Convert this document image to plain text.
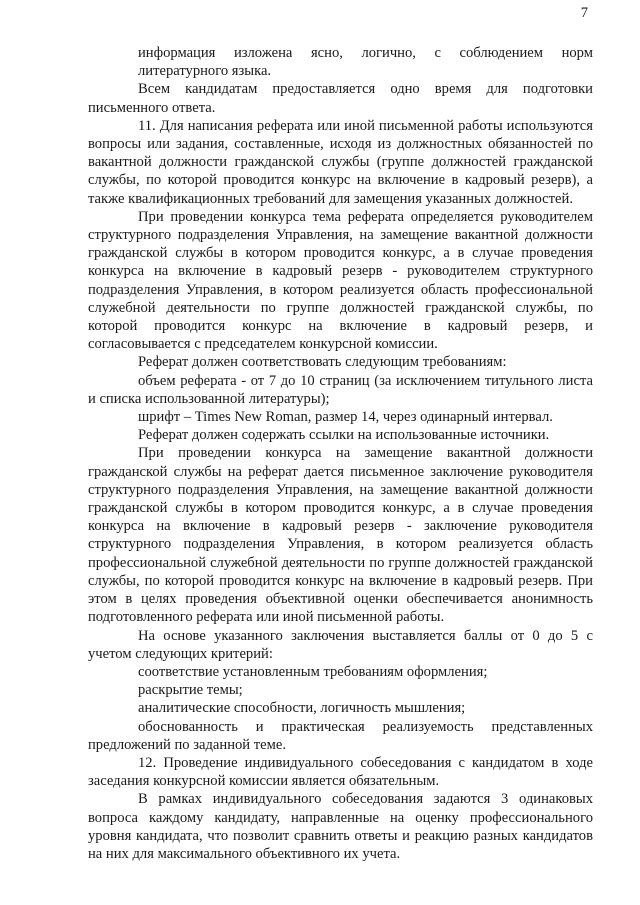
7

информация изложена ясно, логично, с соблюдением норм литературного языка.

Всем кандидатам предоставляется одно время для подготовки письменного ответа.

11. Для написания реферата или иной письменной работы используются вопросы или задания, составленные, исходя из должностных обязанностей по вакантной должности гражданской службы (группе должностей гражданской службы, по которой проводится конкурс на включение в кадровый резерв), а также квалификационных требований для замещения указанных должностей.

При проведении конкурса тема реферата определяется руководителем структурного подразделения Управления, на замещение вакантной должности гражданской службы в котором проводится конкурс, а в случае проведения конкурса на включение в кадровый резерв - руководителем структурного подразделения Управления, в котором реализуется область профессиональной служебной деятельности по группе должностей гражданской службы, по которой проводится конкурс на включение в кадровый резерв, и согласовывается с председателем конкурсной комиссии.

Реферат должен соответствовать следующим требованиям:

объем реферата - от 7 до 10 страниц (за исключением титульного листа и списка использованной литературы);

шрифт – Times New Roman, размер 14, через одинарный интервал.

Реферат должен содержать ссылки на использованные источники.

При проведении конкурса на замещение вакантной должности гражданской службы на реферат дается письменное заключение руководителя структурного подразделения Управления, на замещение вакантной должности гражданской службы в котором проводится конкурс, а в случае проведения конкурса на включение в кадровый резерв - заключение руководителя структурного подразделения Управления, в котором реализуется область профессиональной служебной деятельности по группе должностей гражданской службы, по которой проводится конкурс на включение в кадровый резерв. При этом в целях проведения объективной оценки обеспечивается анонимность подготовленного реферата или иной письменной работы.

На основе указанного заключения выставляется баллы от 0 до 5 с учетом следующих критерий:

соответствие установленным требованиям оформления;

раскрытие темы;

аналитические способности, логичность мышления;

обоснованность и практическая реализуемость представленных предложений по заданной теме.

12. Проведение индивидуального собеседования с кандидатом в ходе заседания конкурсной комиссии является обязательным.

В рамках индивидуального собеседования задаются 3 одинаковых вопроса каждому кандидату, направленные на оценку профессионального уровня кандидата, что позволит сравнить ответы и реакцию разных кандидатов на них для максимального объективного их учета.
